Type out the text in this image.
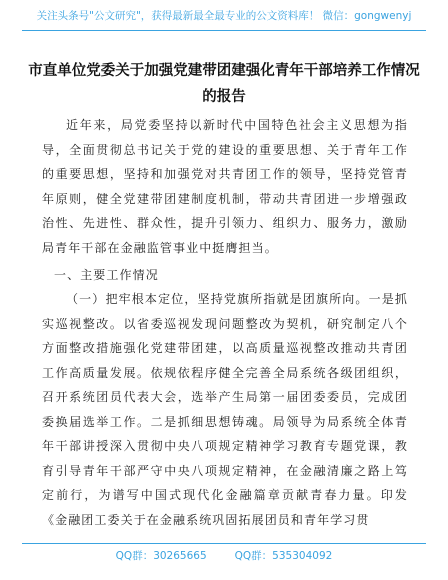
关注头条号"公文研究"，获得最新最全最专业的公文资料库！ 微信：gongwenyj
市直单位党委关于加强党建带团建强化青年干部培养工作情况的报告
近年来，局党委坚持以新时代中国特色社会主义思想为指导，全面贯彻总书记关于党的建设的重要思想、关于青年工作的重要思想，坚持和加强党对共青团工作的领导，坚持党管青年原则，健全党建带团建制度机制，带动共青团进一步增强政治性、先进性、群众性，提升引领力、组织力、服务力，激励局青年干部在金融监管事业中挺膺担当。
一、主要工作情况
（一）把牢根本定位，坚持党旗所指就是团旗所向。一是抓实巡视整改。以省委巡视发现问题整改为契机，研究制定八个方面整改措施强化党建带团建，以高质量巡视整改推动共青团工作高质量发展。依规依程序健全完善全局系统各级团组织，召开系统团员代表大会，选举产生局第一届团委委员，完成团委换届选举工作。二是抓细思想铸魂。局领导为局系统全体青年干部讲授深入贯彻中央八项规定精神学习教育专题党课，教育引导青年干部严守中央八项规定精神，在金融清廉之路上笃定前行，为谱写中国式现代化金融篇章贡献青春力量。印发《金融团工委关于在金融系统巩固拓展团员和青年学习贯
QQ群：30265665	QQ群：535304092
